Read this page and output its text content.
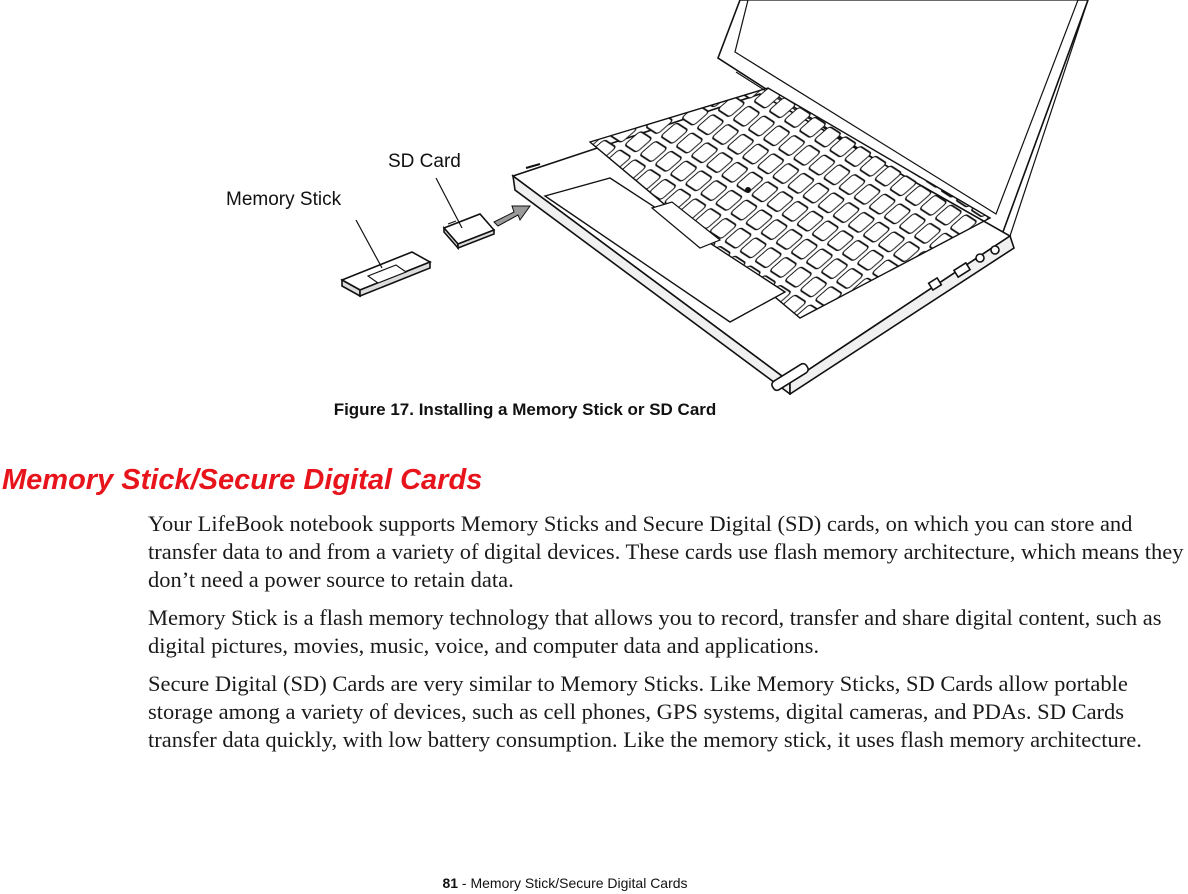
SD Card
Memory Stick
Figure 17. Installing a Memory Stick or SD Card
Memory Stick/Secure Digital Cards

Your LifeBook notebook supports Memory Sticks and Secure Digital (SD) cards, on which you can store and transfer data to and from a variety of digital devices. These cards use flash memory architecture, which means they don’t need a power source to retain data.

Memory Stick is a flash memory technology that allows you to record, transfer and share digital content, such as digital pictures, movies, music, voice, and computer data and applications.

Secure Digital (SD) Cards are very similar to Memory Sticks. Like Memory Sticks, SD Cards allow portable storage among a variety of devices, such as cell phones, GPS systems, digital cameras, and PDAs. SD Cards transfer data quickly, with low battery consumption. Like the memory stick, it uses flash memory architecture.

81 - Memory Stick/Secure Digital Cards
